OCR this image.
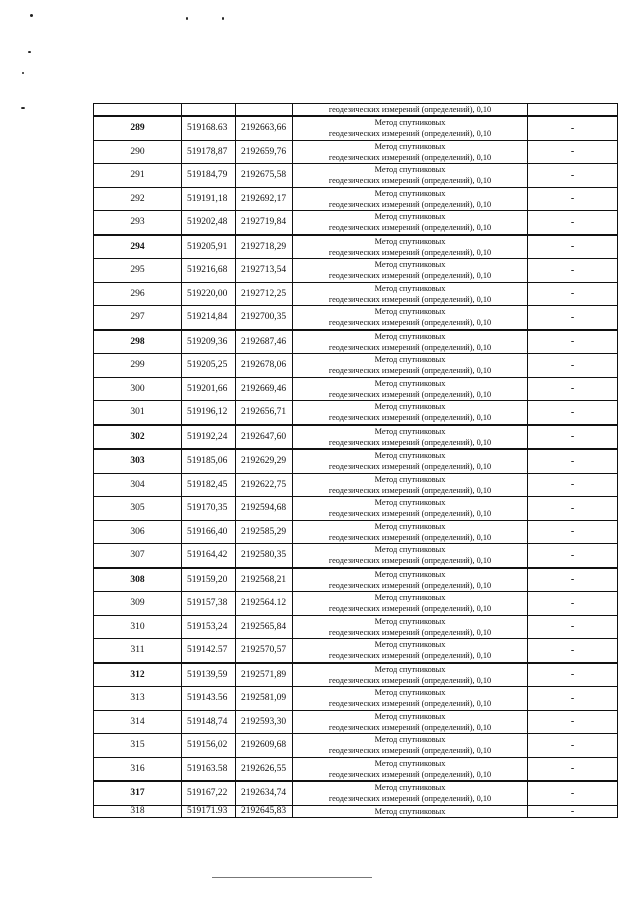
			геодезических измерений (определений), 0,10	

289	519168.63	2192663,66	Метод спутниковых
геодезических измерений (определений), 0,10	-
290	519178,87	2192659,76	Метод спутниковых
геодезических измерений (определений), 0,10	-
291	519184,79	2192675,58	Метод спутниковых
геодезических измерений (определений), 0,10	-
292	519191,18	2192692,17	Метод спутниковых
геодезических измерений (определений), 0,10	-
293	519202,48	2192719,84	Метод спутниковых
геодезических измерений (определений), 0,10	-
294	519205,91	2192718,29	Метод спутниковых
геодезических измерений (определений), 0,10	-
295	519216,68	2192713,54	Метод спутниковых
геодезических измерений (определений), 0,10	-
296	519220,00	2192712,25	Метод спутниковых
геодезических измерений (определений), 0,10	-
297	519214,84	2192700,35	Метод спутниковых
геодезических измерений (определений), 0,10	-
298	519209,36	2192687,46	Метод спутниковых
геодезических измерений (определений), 0,10	-
299	519205,25	2192678,06	Метод спутниковых
геодезических измерений (определений), 0,10	-
300	519201,66	2192669,46	Метод спутниковых
геодезических измерений (определений), 0,10	-
301	519196,12	2192656,71	Метод спутниковых
геодезических измерений (определений), 0,10	-
302	519192,24	2192647,60	Метод спутниковых
геодезических измерений (определений), 0,10	-
303	519185,06	2192629,29	Метод спутниковых
геодезических измерений (определений), 0,10	-
304	519182,45	2192622,75	Метод спутниковых
геодезических измерений (определений), 0,10	-
305	519170,35	2192594,68	Метод спутниковых
геодезических измерений (определений), 0,10	-
306	519166,40	2192585,29	Метод спутниковых
геодезических измерений (определений), 0,10	-
307	519164,42	2192580,35	Метод спутниковых
геодезических измерений (определений), 0,10	-
308	519159,20	2192568,21	Метод спутниковых
геодезических измерений (определений), 0,10	-
309	519157,38	2192564.12	Метод спутниковых
геодезических измерений (определений), 0,10	-
310	519153,24	2192565,84	Метод спутниковых
геодезических измерений (определений), 0,10	-
311	519142.57	2192570,57	Метод спутниковых
геодезических измерений (определений), 0,10	-
312	519139,59	2192571,89	Метод спутниковых
геодезических измерений (определений), 0,10	-
313	519143.56	2192581,09	Метод спутниковых
геодезических измерений (определений), 0,10	-
314	519148,74	2192593,30	Метод спутниковых
геодезических измерений (определений), 0,10	-
315	519156,02	2192609,68	Метод спутниковых
геодезических измерений (определений), 0,10	-
316	519163.58	2192626,55	Метод спутниковых
геодезических измерений (определений), 0,10	-
317	519167,22	2192634,74	Метод спутниковых
геодезических измерений (определений), 0,10	-
318	519171.93	2192645,83	Метод спутниковых	-
